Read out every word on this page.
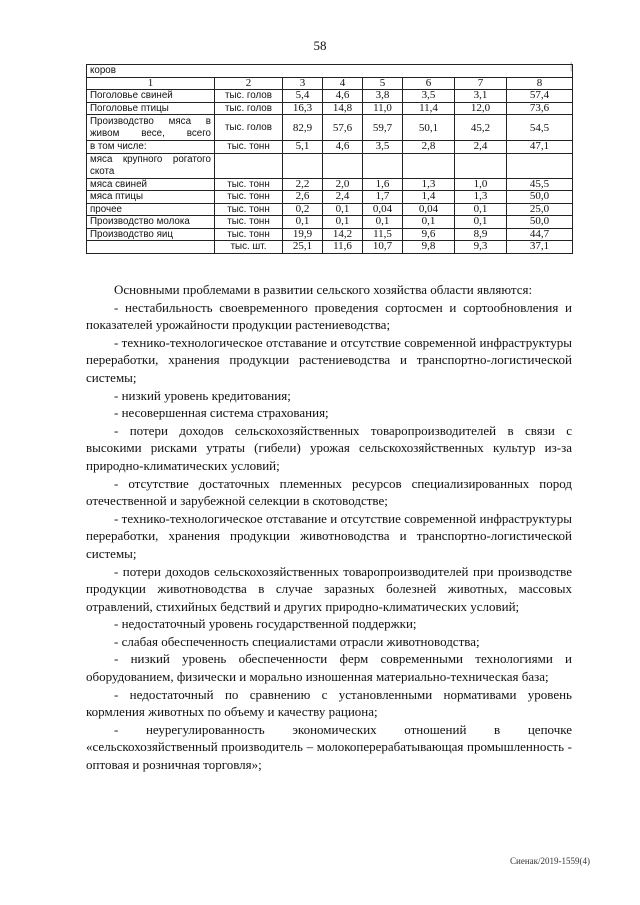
58
|
коров							
1	2	3	4	5	6	7	8
Поголовье свиней	тыс. голов	5,4	4,6	3,8	3,5	3,1	57,4
Поголовье птицы	тыс. голов	16,3	14,8	11,0	11,4	12,0	73,6
Производство мяса в живом весе, всего	тыс. голов	82,9	57,6	59,7	50,1	45,2	54,5
в том числе:	тыс. тонн	5,1	4,6	3,5	2,8	2,4	47,1
мяса крупного рогатого скота							
мяса свиней	тыс. тонн	2,2	2,0	1,6	1,3	1,0	45,5
мяса птицы	тыс. тонн	2,6	2,4	1,7	1,4	1,3	50,0
прочее	тыс. тонн	0,2	0,1	0,04	0,04	0,1	25,0
Производство молока	тыс. тонн	0,1	0,1	0,1	0,1	0,1	50,0
Производство яиц	тыс. тонн	19,9	14,2	11,5	9,6	8,9	44,7
	тыс. шт.	25,1	11,6	10,7	9,8	9,3	37,1

Основными проблемами в развитии сельского хозяйства области являются:

- нестабильность своевременного проведения сортосмен и сортообновления и показателей урожайности продукции растениеводства;

- технико-технологическое отставание и отсутствие современной инфраструктуры переработки, хранения продукции растениеводства и транспортно-логистической системы;

- низкий уровень кредитования;

- несовершенная система страхования;

- потери доходов сельскохозяйственных товаропроизводителей в связи с высокими рисками утраты (гибели) урожая сельскохозяйственных культур из-за природно-климатических условий;

- отсутствие достаточных племенных ресурсов специализированных пород отечественной и зарубежной селекции в скотоводстве;

- технико-технологическое отставание и отсутствие современной инфраструктуры переработки, хранения продукции животноводства и транспортно-логистической системы;

- потери доходов сельскохозяйственных товаропроизводителей при производстве продукции животноводства в случае заразных болезней животных, массовых отравлений, стихийных бедствий и других природно-климатических условий;

- недостаточный уровень государственной поддержки;

- слабая обеспеченность специалистами отрасли животноводства;

- низкий уровень обеспеченности ферм современными технологиями и оборудованием, физически и морально изношенная материально-техническая база;

- недостаточный по сравнению с установленными нормативами уровень кормления животных по объему и качеству рациона;

- неурегулированность экономических отношений в цепочке «сельскохозяйственный производитель – молокоперерабатывающая промышленность - оптовая и розничная торговля»;

Сиенак/2019-1559(4)
